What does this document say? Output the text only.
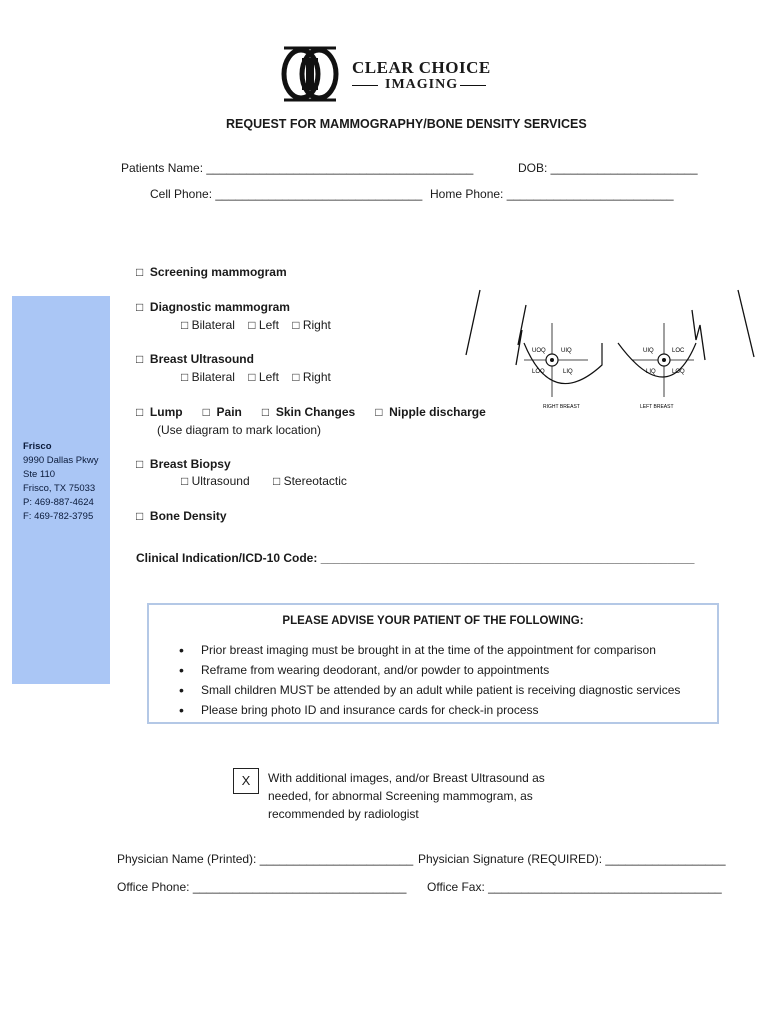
CLEAR CHOICE
IMAGING
REQUEST FOR MAMMOGRAPHY/BONE DENSITY SERVICES
Patients Name: ________________________________________	DOB: ______________________
Cell Phone: _______________________________ Home Phone: _________________________
Frisco
9990 Dallas Pkwy
Ste 110
Frisco, TX 75033
P: 469-887-4624
F: 469-782-3795
□ Screening mammogram
□ Diagnostic mammogram
□ Bilateral □ Left □ Right
□ Breast Ultrasound
□ Bilateral □ Left □ Right
□ Lump □ Pain □ Skin Changes □ Nipple discharge
(Use diagram to mark location)
□ Breast Biopsy
□ Ultrasound □ Stereotactic
□ Bone Density
UOQ	UIQ
LOQ	LIQ
RIGHT BREAST
UIQ	LOC
LIQ	LOQ
LEFT BREAST
Clinical Indication/ICD-10 Code: ________________________________________________________
PLEASE ADVISE YOUR PATIENT OF THE FOLLOWING:
• Prior breast imaging must be brought in at the time of the appointment for comparison
• Reframe from wearing deodorant, and/or powder to appointments
• Small children MUST be attended by an adult while patient is receiving diagnostic services
• Please bring photo ID and insurance cards for check-in process
X	With additional images, and/or Breast Ultrasound as
needed, for abnormal Screening mammogram, as
recommended by radiologist
Physician Name (Printed): _______________________ Physician Signature (REQUIRED): __________________
Office Phone: ________________________________ Office Fax: ___________________________________
